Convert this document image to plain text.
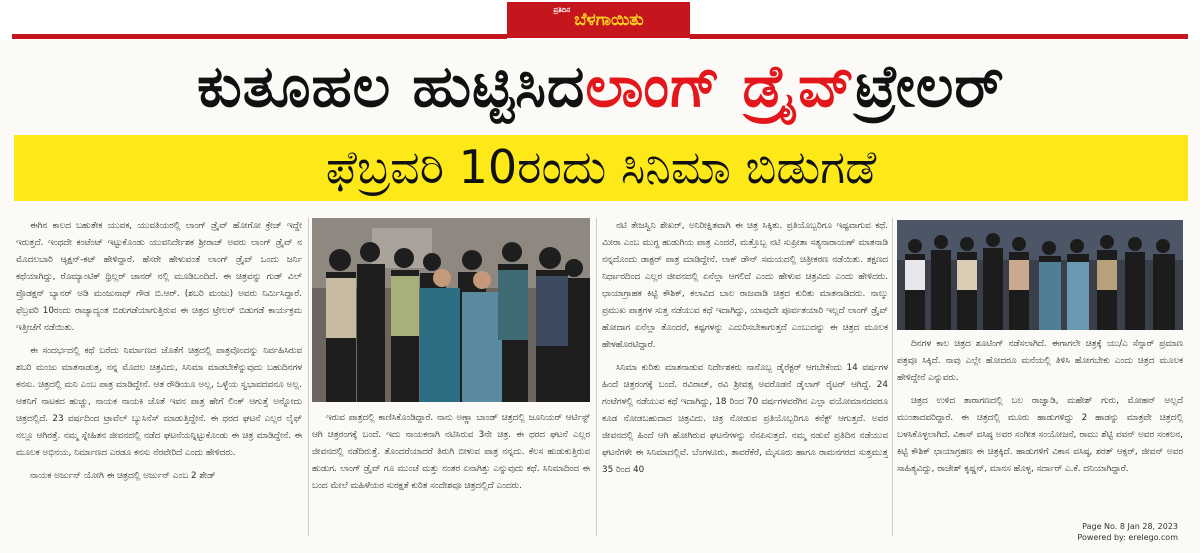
ಪ್ರತಿದಿನ ಬೆಳಗಾಯಿತು
ಕುತೂಹಲ ಹುಟ್ಟಿಸಿದ ಲಾಂಗ್ ಡ್ರೈವ್ ಟ್ರೇಲರ್
ಫೆಬ್ರವರಿ 10ರಂದು ಸಿನಿಮಾ ಬಿಡುಗಡೆ

ಈಗಿನ ಕಾಲದ ಬಹುತೇಕ ಯುವಕ, ಯುವತಿಯರಲ್ಲಿ ಲಾಂಗ್ ಡ್ರೈವ್ ಹೋಗೋ ಕ್ರೇಜ್ ಇದ್ದೇ ಇರುತ್ತದೆ. ಇಂಥದೇ ಕಂಟೆಂಟ್ ಇಟ್ಟುಕೊಂಡು ಯುವನಿರ್ದೇಶಕ ಶ್ರೀರಾಜ್ ಅವರು ಲಾಂಗ್ ಡ್ರೈವ್ ನ ಮೊದಲಬಾರಿ ಆ್ಯಕ್ಷನ್-ಕಟ್ ಹೇಳಿದ್ದಾರೆ. ಹೆಸರೇ ಹೇಳುವಂತೆ ಲಾಂಗ್ ಡ್ರೈವ್ ಒಂದು ಜರ್ನಿ ಕಥೆಯಾಗಿದ್ದು, ರೊಮ್ಯಾಂಟಿಕ್ ಥ್ರಿಲ್ಲರ್ ಜಾನರ್ ನಲ್ಲಿ ಮೂಡಿಬಂದಿದೆ. ಈ ಚಿತ್ರವನ್ನು ಗುಡ್ ವಿಲ್ ಪ್ರೊಡಕ್ಷನ್ ಬ್ಯಾನರ್ ಅಡಿ ಮಂಜುನಾಥ್ ಗೌಡ ಬಿ.ಆರ್. (ಶಬರಿ ಮಂಜು) ಅವರು ನಿರ್ಮಿಸಿದ್ದಾರೆ. ಫೆಬ್ರವರಿ 10ರಂದು ರಾಜ್ಯಾದ್ಯಂತ ಬಿಡುಗಡೆಯಾಗುತ್ತಿರುವ ಈ ಚಿತ್ರದ ಟ್ರೇಲರ್ ಬಿಡುಗಡೆ ಕಾರ್ಯಕ್ರಮ ಇತ್ತೀಚೆಗೆ ನಡೆಯಿತು.

ಈ ಸಂದರ್ಭದಲ್ಲಿ ಕಥೆ ಬರೆದು ನಿರ್ಮಾಣದ ಜೊತೆಗೆ ಚಿತ್ರದಲ್ಲಿ ಪಾತ್ರವೊಂದನ್ನು ನಿರ್ವಹಿಸಿರುವ ಶಬರಿ ಮಂಜು ಮಾತನಾಡುತ್ತ, ನನ್ನ ಮೊದಲ ಚಿತ್ರವಿದು, ಸಿನಿಮಾ ಮಾಡಬೇಕೆನ್ನುವುದು ಬಹುದಿನಗಳ ಕನಸು. ಚಿತ್ರದಲ್ಲಿ ಮನಿ ಎಂಬ ಪಾತ್ರ ಮಾಡಿದ್ದೇನೆ. ಆತ ರೌಡಿಯೂ ಅಲ್ಲ, ಒಳ್ಳೆಯ ಸ್ವಭಾವದವನೂ ಅಲ್ಲ. ಆತನಿಗೆ ನಾಟಕದ ಹುಚ್ಚು, ನಾಯಕ ನಾಯಕಿ ಜೊತೆ ಇವನ ಪಾತ್ರ ಹೇಗೆ ಲಿಂಕ್ ಆಗುತ್ತೆ ಅನ್ನೋದು ಚಿತ್ರದಲ್ಲಿದೆ. 23 ವರ್ಷದಿಂದ ಟ್ರಾವೆಲ್ ಬ್ಯುಸಿನೆಸ್ ಮಾಡುತ್ತಿದ್ದೇನೆ. ಈ ಥರದ ಘಟನೆ ಎಲ್ಲರ ಲೈಫ್ ನಲ್ಲೂ ಆಗಿರತ್ತೆ. ನಮ್ಮ ಸ್ನೇಹಿತನ ಜೀವನದಲ್ಲಿ ನಡೆದ ಘಟನೆಯನ್ನಿಟ್ಟುಕೊಂಡು ಈ ಚಿತ್ರ ಮಾಡಿದ್ದೇನೆ. ಈ ಮೂಲಕ ಅಭಿನಯ, ನಿರ್ಮಾಣದ ಎರಡೂ ಕನಸು ನೆರವೇರಿದೆ ಎಂದು ಹೇಳಿದರು.

ನಾಯಕ ಅರ್ಜುನ್ ಯೋಗಿ ಈ ಚಿತ್ರದಲ್ಲಿ ಅರ್ಜುನ್ ಎಂಬ 2 ಶೇಡ್

ಇರುವ ಪಾತ್ರದಲ್ಲಿ ಕಾಣಿಸಿಕೊಂಡಿದ್ದಾರೆ. ನಾನು ಅಣ್ಣಾ ಬಾಂಡ್ ಚಿತ್ರದಲ್ಲಿ ಜೂನಿಯರ್ ಆರ್ಟಿಸ್ಟ್ ಆಗಿ ಚಿತ್ರರಂಗಕ್ಕೆ ಬಂದೆ. ಇದು ನಾಯಕನಾಗಿ ನಟಿಸಿರುವ 3ನೇ ಚಿತ್ರ. ಈ ಥರದ ಘಟನೆ ಎಲ್ಲರ ಜೀವನದಲ್ಲಿ ನಡೆದಿರುತ್ತೆ. ತೊಂದರೆಯಾದರೆ ತಿರುಗಿ ಬೀಳುವ ಪಾತ್ರ ನನ್ನದು. ಕೆಲಸ ಹುಡುಕುತ್ತಿರುವ ಹುಡುಗ. ಲಾಂಗ್ ಡ್ರೈವ್ ಗೂ ಮುಂಚೆ ಮತ್ತು ನಂತರ ಏನಾಗಿತ್ತು ಎನ್ನುವುದು ಕಥೆ. ಸಿನಿಮಾದಿಂದ ಈ ಬಂದ ಮೇಲೆ ಮಹಿಳೆಯರ ಸುರಕ್ಷತೆ ಕುರಿತ ಸಂದೇಶವೂ ಚಿತ್ರದಲ್ಲಿದೆ ಎಂದರು.

ನಟಿ ತೇಜಸ್ವಿನಿ ಶೇಖರ್, ಅನಿರೀಕ್ಷಿತವಾಗಿ ಈ ಚಿತ್ರ ಸಿಕ್ಕಿತು. ಪ್ರತಿಯೊಬ್ಬರಿಗೂ ಇಷ್ಟವಾಗುವ ಕಥೆ. ಮೀರಾ ಎಂಬ ಮುಗ್ಧ ಹುಡುಗಿಯ ಪಾತ್ರ ಎಂದರೆ, ಮತ್ತೊಬ್ಬ ನಟಿ ಸುಪ್ರೀತಾ ಸತ್ಯನಾರಾಯಣ್ ಮಾತನಾಡಿ ನನ್ನದೊಂದು ಡಾಕ್ಟರ್ ಪಾತ್ರ ಮಾಡಿದ್ದೇನೆ. ಲಾಕ್ ಡೌನ್ ಸಮಯದಲ್ಲಿ ಚಿತ್ರೀಕರಣ ನಡೆಯಿತು. ತಕ್ಷಣದ ನಿರ್ಧಾರದಿಂದ ಎಲ್ಲರ ಜೀವನದಲ್ಲಿ ಏನೆಲ್ಲಾ ಆಗಲಿದೆ ಎಂದು ಹೇಳುವ ಚಿತ್ರವಿದು ಎಂದು ಹೇಳಿದರು. ಛಾಯಾಗ್ರಾಹಕ ಕಿಟ್ಟಿ ಕೌಶಿಕ್, ಕಲಾವಿದ ಬಾಲ ರಾಜವಾಡಿ ಚಿತ್ರದ ಕುರಿತು ಮಾತನಾಡಿದರು. ನಾಲ್ಕು ಪ್ರಮುಖ ಪಾತ್ರಗಳ ಸುತ್ತ ನಡೆಯುವ ಕಥೆ ಇದಾಗಿದ್ದು, ಯಾವುದೇ ಪೂರ್ವತಯಾರಿ ಇಲ್ಲದೆ ಲಾಂಗ್ ಡ್ರೈವ್ ಹೋದಾಗ ಏನೆಲ್ಲಾ ತೊಂದರೆ, ಕಷ್ಟಗಳನ್ನು ಎದುರಿಸಬೇಕಾಗುತ್ತದೆ ಎಂಬುದನ್ನು ಈ ಚಿತ್ರದ ಮೂಲಕ ಹೇಳಹೊರಟಿದ್ದಾರೆ.

ಸಿನಿಮಾ ಕುರಿತು ಮಾತನಾಡುವ ನಿರ್ದೇಶಕರು ನಾನೊಬ್ಬ ಡೈರೆಕ್ಟರ್ ಆಗಬೇಕೆಂದು 14 ವರ್ಷಗಳ ಹಿಂದೆ ಚಿತ್ರರಂಗಕ್ಕೆ ಬಂದೆ. ರವಿರಾಜ್, ರವಿ ಶ್ರೀವತ್ಸ ಅವರೊಡನೆ ಡೈಲಾಗ್ ರೈಟರ್ ಆಗಿದ್ದೆ. 24 ಗಂಟೆಗಳಲ್ಲಿ ನಡೆಯುವ ಕಥೆ ಇದಾಗಿದ್ದು, 18 ರಿಂದ 70 ವರ್ಷಗಳವರೆಗಿನ ಎಲ್ಲಾ ವಯೋಮಾನದವರೂ ಕೂಡ ನೋಡಬಹುದಾದ ಚಿತ್ರವಿದು. ಚಿತ್ರ ನೋಡುವ ಪ್ರತಿಯೊಬ್ಬರಿಗೂ ಕನೆಕ್ಟ್ ಆಗುತ್ತದೆ. ಅವರ ಜೀವನದಲ್ಲಿ ಹಿಂದೆ ಆಗಿ ಹೋಗಿರುವ ಘಟನೆಗಳನ್ನು ನೆನಪಿಸುತ್ತದೆ. ನಮ್ಮ ನಡುವೆ ಪ್ರತಿದಿನ ನಡೆಯುವ ಘಟನೆಗಳೇ ಈ ಸಿನಿಮಾದಲ್ಲಿವೆ. ಬೆಂಗಳೂರು, ತಾವರೆಕೆರೆ, ಮೈಸೂರು ಹಾಗೂ ರಾಮನಗರದ ಸುತ್ತಮುತ್ತ 35 ರಿಂದ 40

ದಿನಗಳ ಕಾಲ ಚಿತ್ರದ ಶೂಟಿಂಗ್ ನಡೆಸಲಾಗಿದೆ. ಈಗಾಗಲೇ ಚಿತ್ರಕ್ಕೆ ಯು/ಎ ಸೆನ್ಸಾರ್ ಪ್ರಮಾಣ ಪತ್ರವೂ ಸಿಕ್ಕಿದೆ. ನಾವು ಎಲ್ಲೇ ಹೋದರೂ ಮನೆಯಲ್ಲಿ ತಿಳಿಸಿ ಹೋಗಬೇಕು ಎಂದು ಚಿತ್ರದ ಮೂಲಕ ಹೇಳಿದ್ದೇನೆ ಎನ್ನುವರು.

ಚಿತ್ರದ ಉಳಿದ ತಾರಾಗಣದಲ್ಲಿ ಬಲ ರಾಜ್ವಾಡಿ, ಮಹೇಶ್ ಗುರು, ಮೋಹನ್ ಅಲ್ಲದೆ ಮುಂತಾದವರಿದ್ದಾರೆ. ಈ ಚಿತ್ರದಲ್ಲಿ ಮೂರು ಹಾಡುಗಳಿದ್ದು 2 ಹಾಡನ್ನು ಮಾತ್ರವೇ ಚಿತ್ರದಲ್ಲಿ ಬಳಸಿಕೊಳ್ಳಲಾಗಿದೆ. ವಿಕಾಸ್ ವಸಿಷ್ಠ ಅವರ ಸಂಗೀತ ಸಂಯೋಜನೆ, ರಾಮು ಶೆಟ್ಟಿ ಪವನ್ ಅವರ ಸಂಕಲನ, ಕಿಟ್ಟಿ ಕೌಶಿಕ್ ಛಾಯಾಗ್ರಹಣ ಈ ಚಿತ್ರಕ್ಕಿದೆ. ಹಾಡುಗಳಿಗೆ ವಿಕಾಸ ವಸಿಷ್ಠ, ಶರತ್ ಆಕ್ಸರ್, ಜೀವನ್ ಅವರ ಸಾಹಿತ್ಯವಿದ್ದು, ರಾಜೇಶ್ ಕೃಷ್ಣನ್, ಮಾನಸ ಹೊಳ್ಳ, ಸರ್ದಾರ್ ಎ.ಕೆ. ದನಿಯಾಗಿದ್ದಾರೆ.

Page No. 8 Jan 28, 2023
Powered by: erelego.com
